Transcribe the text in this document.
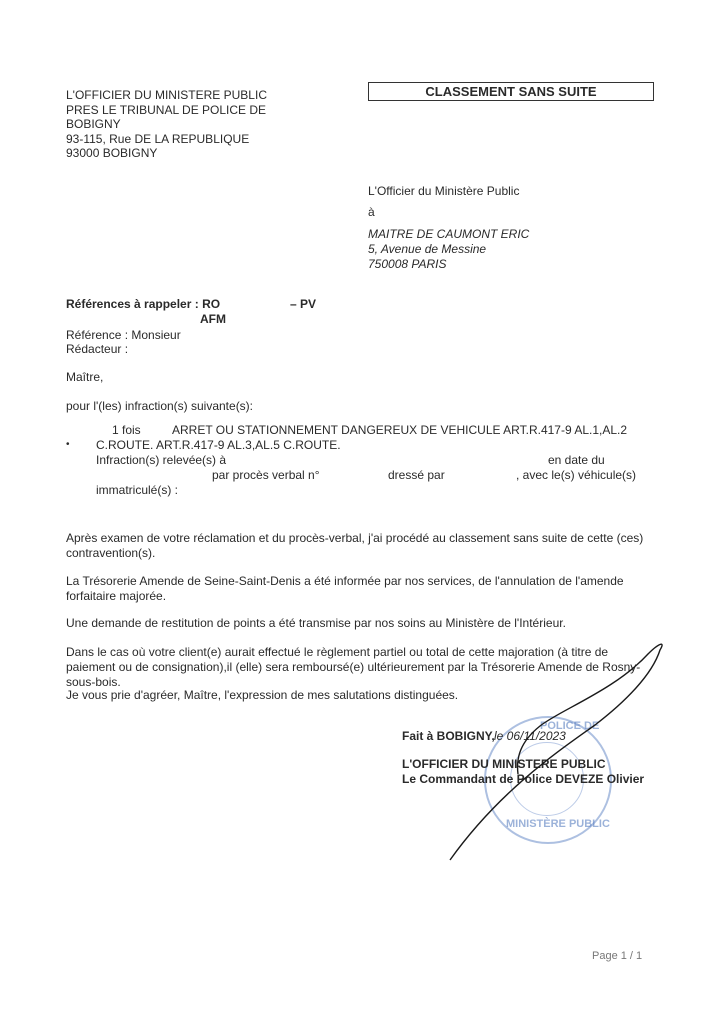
L'OFFICIER DU MINISTERE PUBLIC
PRES LE TRIBUNAL DE POLICE DE
BOBIGNY
93-115, Rue DE LA REPUBLIQUE
93000 BOBIGNY
CLASSEMENT SANS SUITE
L'Officier du Ministère Public
à
MAITRE DE CAUMONT ERIC
5, Avenue de Messine
750008 PARIS
Références à rappeler : RO	– PV
AFM
Référence : Monsieur
Rédacteur :
Maître,
pour l'(les) infraction(s) suivante(s):
1 fois	ARRET OU STATIONNEMENT DANGEREUX DE VEHICULE ART.R.417-9 AL.1,AL.2
• C.ROUTE. ART.R.417-9 AL.3,AL.5 C.ROUTE.
Infraction(s) relevée(s) à	en date du
par procès verbal n°	dressé par	, avec le(s) véhicule(s)
immatriculé(s) :
Après examen de votre réclamation et du procès-verbal, j'ai procédé au classement sans suite de cette (ces) contravention(s).
La Trésorerie Amende de Seine-Saint-Denis a été informée par nos services, de l'annulation de l'amende forfaitaire majorée.
Une demande de restitution de points a été transmise par nos soins au Ministère de l'Intérieur.
Dans le cas où votre client(e) aurait effectué le règlement partiel ou total de cette majoration (à titre de paiement ou de consignation),il (elle) sera remboursé(e) ultérieurement par la Trésorerie Amende de Rosny-sous-bois.
Je vous prie d'agréer, Maître, l'expression de mes salutations distinguées.
POLICE DE
MINISTÈRE PUBLIC
Fait à BOBIGNY, le 06/11/2023
L'OFFICIER DU MINISTERE PUBLIC
Le Commandant de Police DEVEZE Olivier
Page 1 / 1
